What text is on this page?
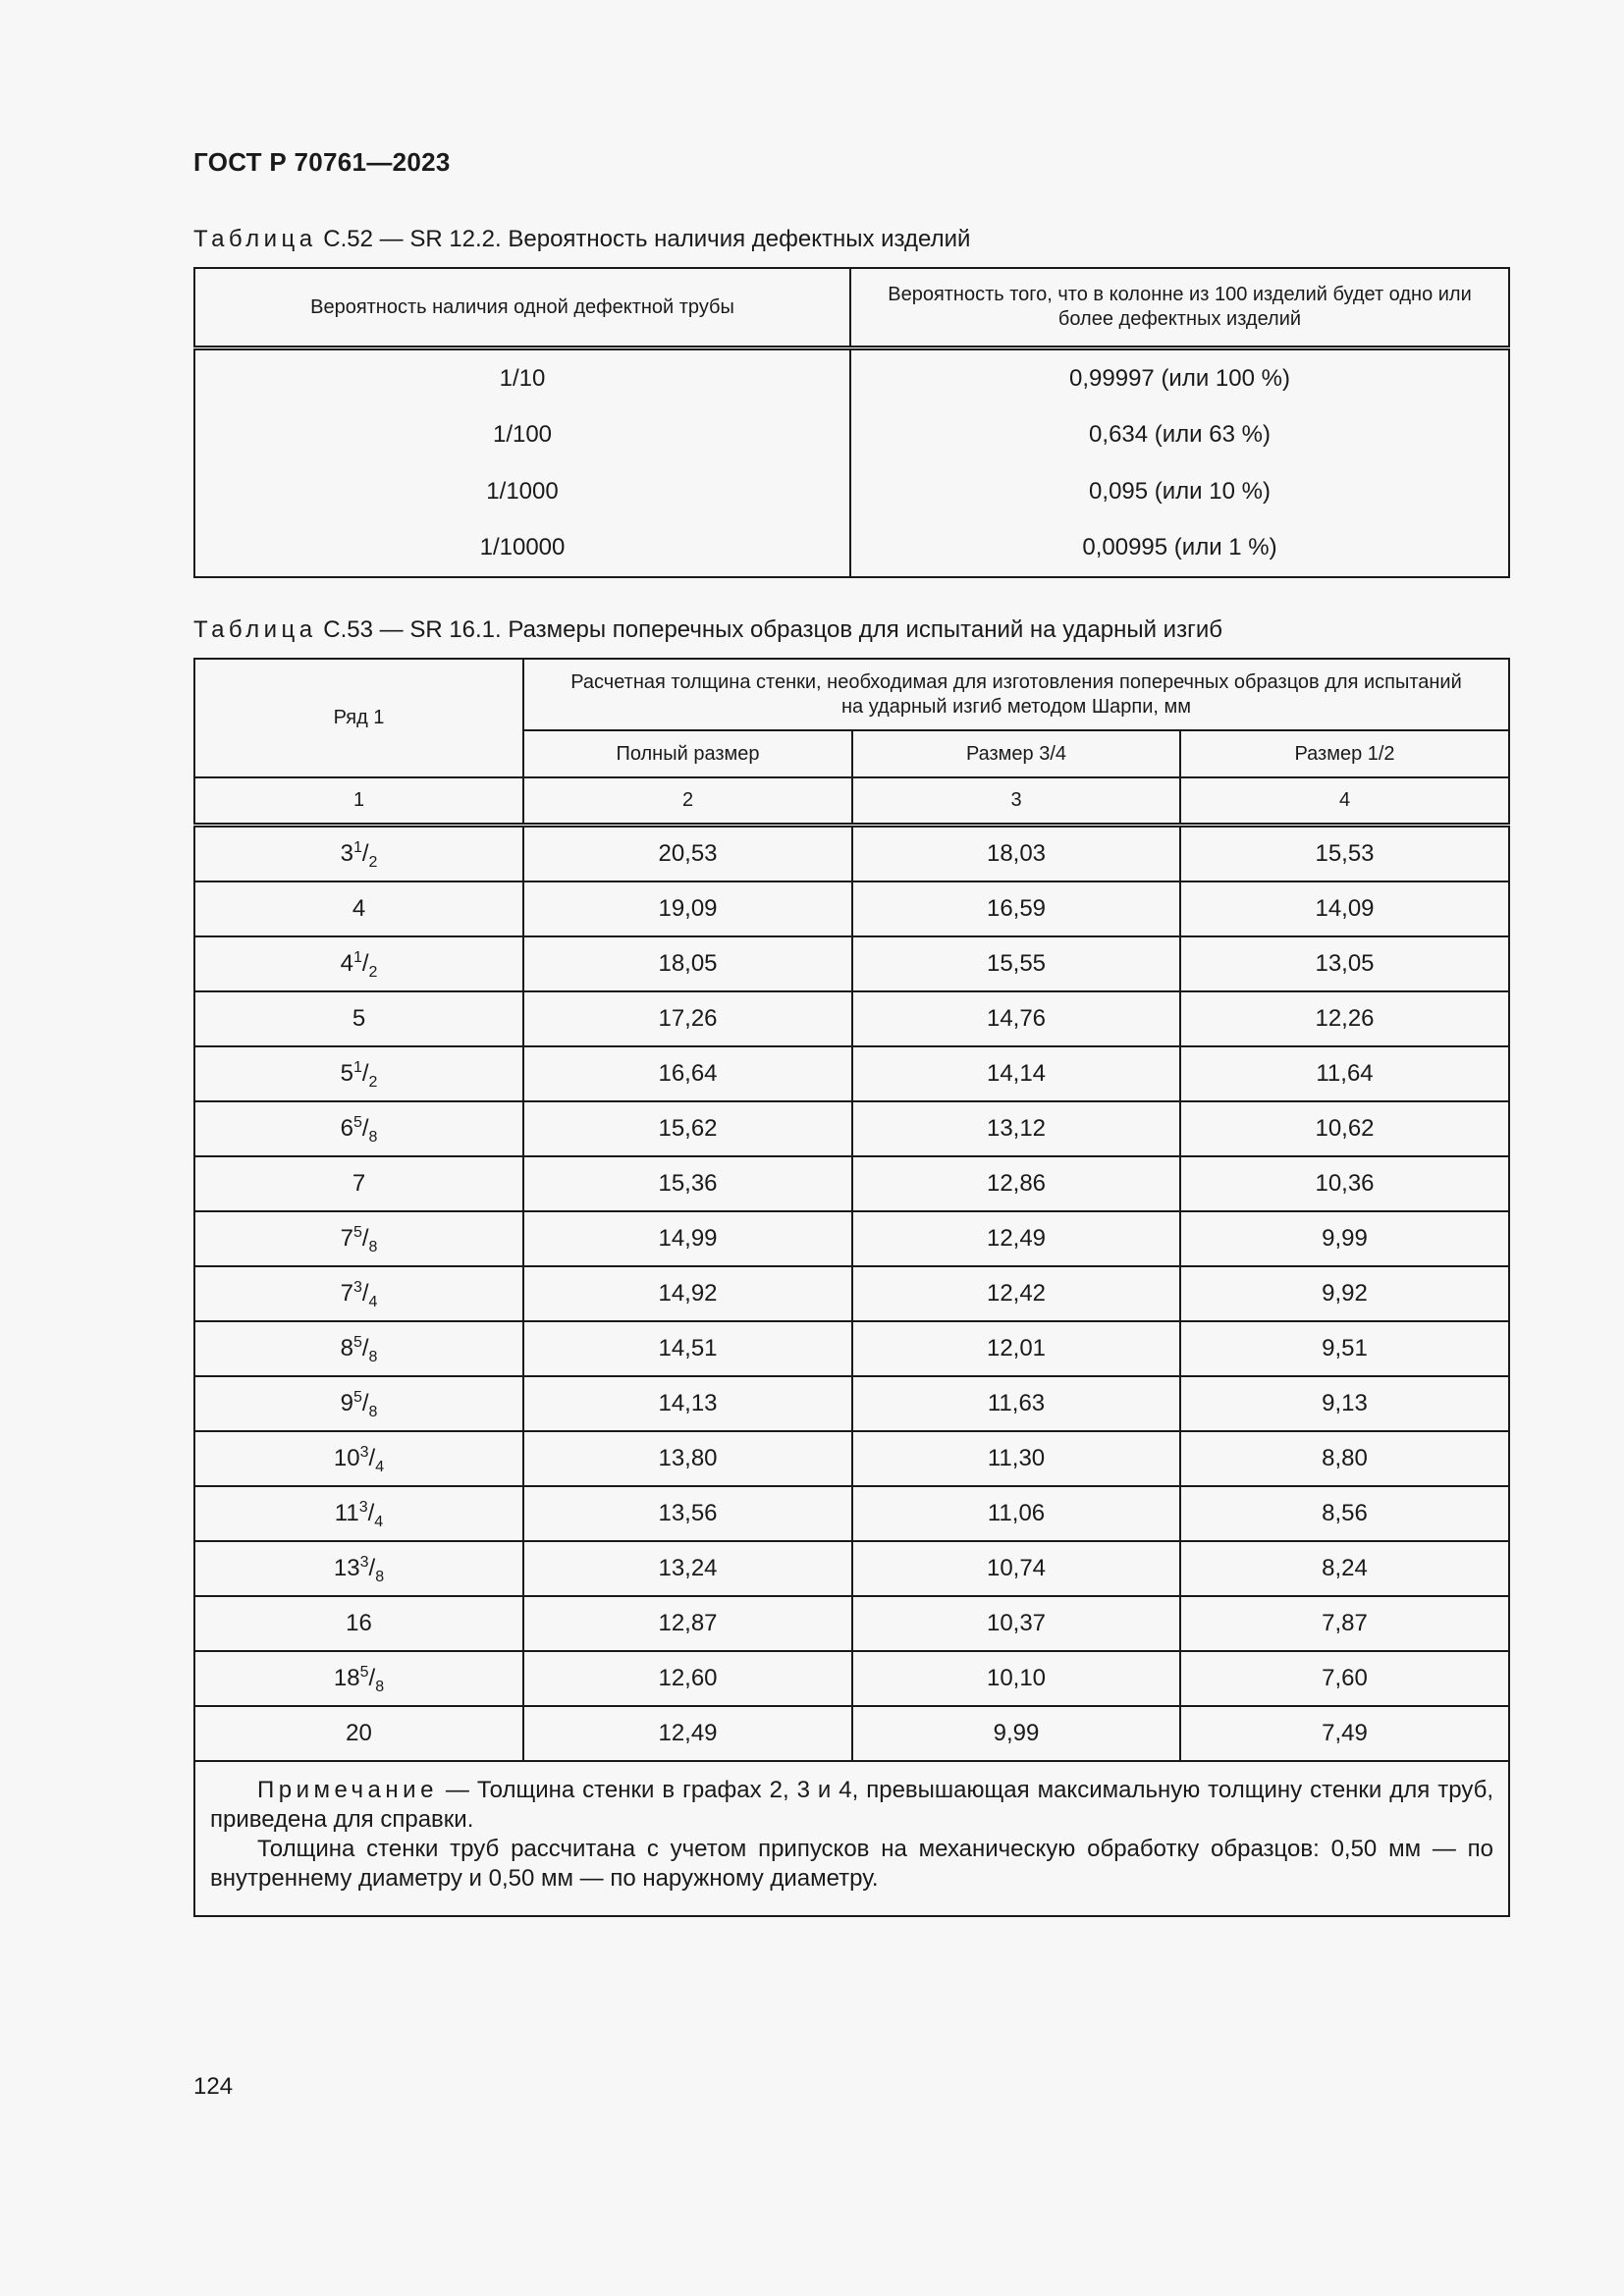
ГОСТ Р 70761—2023
Таблица С.52 — SR 12.2. Вероятность наличия дефектных изделий
Вероятность наличия одной дефектной трубы	Вероятность того, что в колонне из 100 изделий будет одно или более дефектных изделий
1/10	0,99997 (или 100 %)
1/100	0,634 (или 63 %)
1/1000	0,095 (или 10 %)
1/10000	0,00995 (или 1 %)
Таблица С.53 — SR 16.1. Размеры поперечных образцов для испытаний на ударный изгиб
Ряд 1	Расчетная толщина стенки, необходимая для изготовления поперечных образцов для испытаний на ударный изгиб методом Шарпи, мм		
	Полный размер	Размер 3/4	Размер 1/2
1	2	3	4
$3^1/_2$	20,53	18,03	15,53
4	19,09	16,59	14,09
$4^1/_2$	18,05	15,55	13,05
5	17,26	14,76	12,26
$5^1/_2$	16,64	14,14	11,64
$6^5/_8$	15,62	13,12	10,62
7	15,36	12,86	10,36
$7^5/_8$	14,99	12,49	9,99
$7^3/_4$	14,92	12,42	9,92
$8^5/_8$	14,51	12,01	9,51
$9^5/_8$	14,13	11,63	9,13
$10^3/_4$	13,80	11,30	8,80
$11^3/_4$	13,56	11,06	8,56
$13^3/_8$	13,24	10,74	8,24
16	12,87	10,37	7,87
$18^5/_8$	12,60	10,10	7,60
20	12,49	9,99	7,49

Примечание — Толщина стенки в графах 2, 3 и 4, превышающая максимальную толщину стенки для труб, приведена для справки.

Толщина стенки труб рассчитана с учетом припусков на механическую обработку образцов: 0,50 мм — по внутреннему диаметру и 0,50 мм — по наружному диаметру.			

124
